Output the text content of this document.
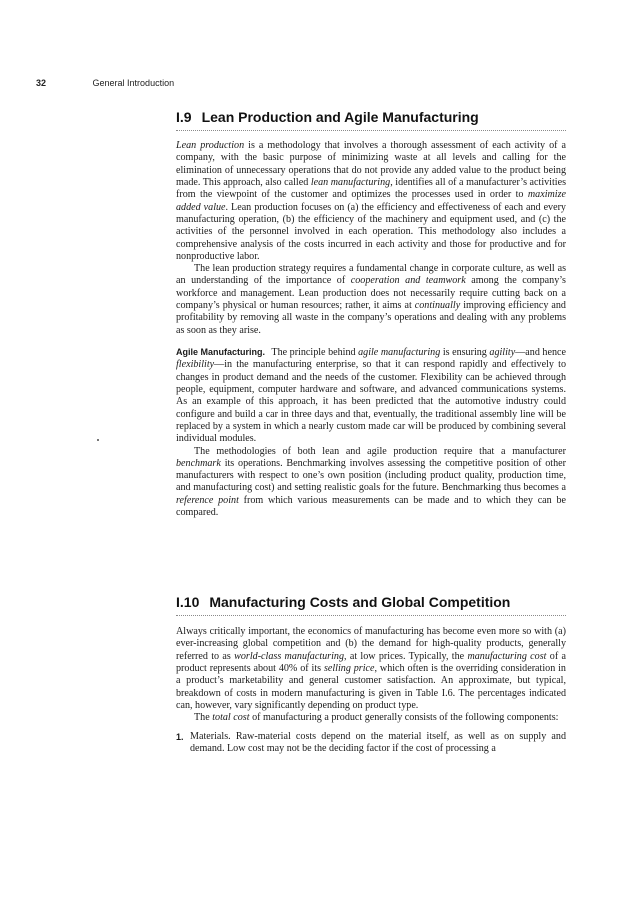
32	General Introduction
I.9 Lean Production and Agile Manufacturing

Lean production is a methodology that involves a thorough assessment of each activity of a company, with the basic purpose of minimizing waste at all levels and calling for the elimination of unnecessary operations that do not provide any added value to the product being made. This approach, also called lean manufacturing, identifies all of a manufacturer’s activities from the viewpoint of the customer and optimizes the processes used in order to maximize added value. Lean production focuses on (a) the efficiency and effectiveness of each and every manufacturing operation, (b) the efficiency of the machinery and equipment used, and (c) the activities of the personnel involved in each operation. This methodology also includes a comprehensive analysis of the costs incurred in each activity and those for productive and for nonproductive labor.

The lean production strategy requires a fundamental change in corporate culture, as well as an understanding of the importance of cooperation and teamwork among the company’s workforce and management. Lean production does not necessarily require cutting back on a company’s physical or human resources; rather, it aims at continually improving efficiency and profitability by removing all waste in the company’s operations and dealing with any problems as soon as they arise.

Agile Manufacturing. The principle behind agile manufacturing is ensuring agility—and hence flexibility—in the manufacturing enterprise, so that it can respond rapidly and effectively to changes in product demand and the needs of the customer. Flexibility can be achieved through people, equipment, computer hardware and software, and advanced communications systems. As an example of this approach, it has been predicted that the automotive industry could configure and build a car in three days and that, eventually, the traditional assembly line will be replaced by a system in which a nearly custom made car will be produced by combining several individual modules.

The methodologies of both lean and agile production require that a manufacturer benchmark its operations. Benchmarking involves assessing the competitive position of other manufacturers with respect to one’s own position (including product quality, production time, and manufacturing cost) and setting realistic goals for the future. Benchmarking thus becomes a reference point from which various measurements can be made and to which they can be compared.

I.10 Manufacturing Costs and Global Competition

Always critically important, the economics of manufacturing has become even more so with (a) ever-increasing global competition and (b) the demand for high-quality products, generally referred to as world-class manufacturing, at low prices. Typically, the manufacturing cost of a product represents about 40% of its selling price, which often is the overriding consideration in a product’s marketability and general customer satisfaction. An approximate, but typical, breakdown of costs in modern manufacturing is given in Table I.6. The percentages indicated can, however, vary significantly depending on product type.

The total cost of manufacturing a product generally consists of the following components:

1. Materials. Raw-material costs depend on the material itself, as well as on supply and demand. Low cost may not be the deciding factor if the cost of processing a
